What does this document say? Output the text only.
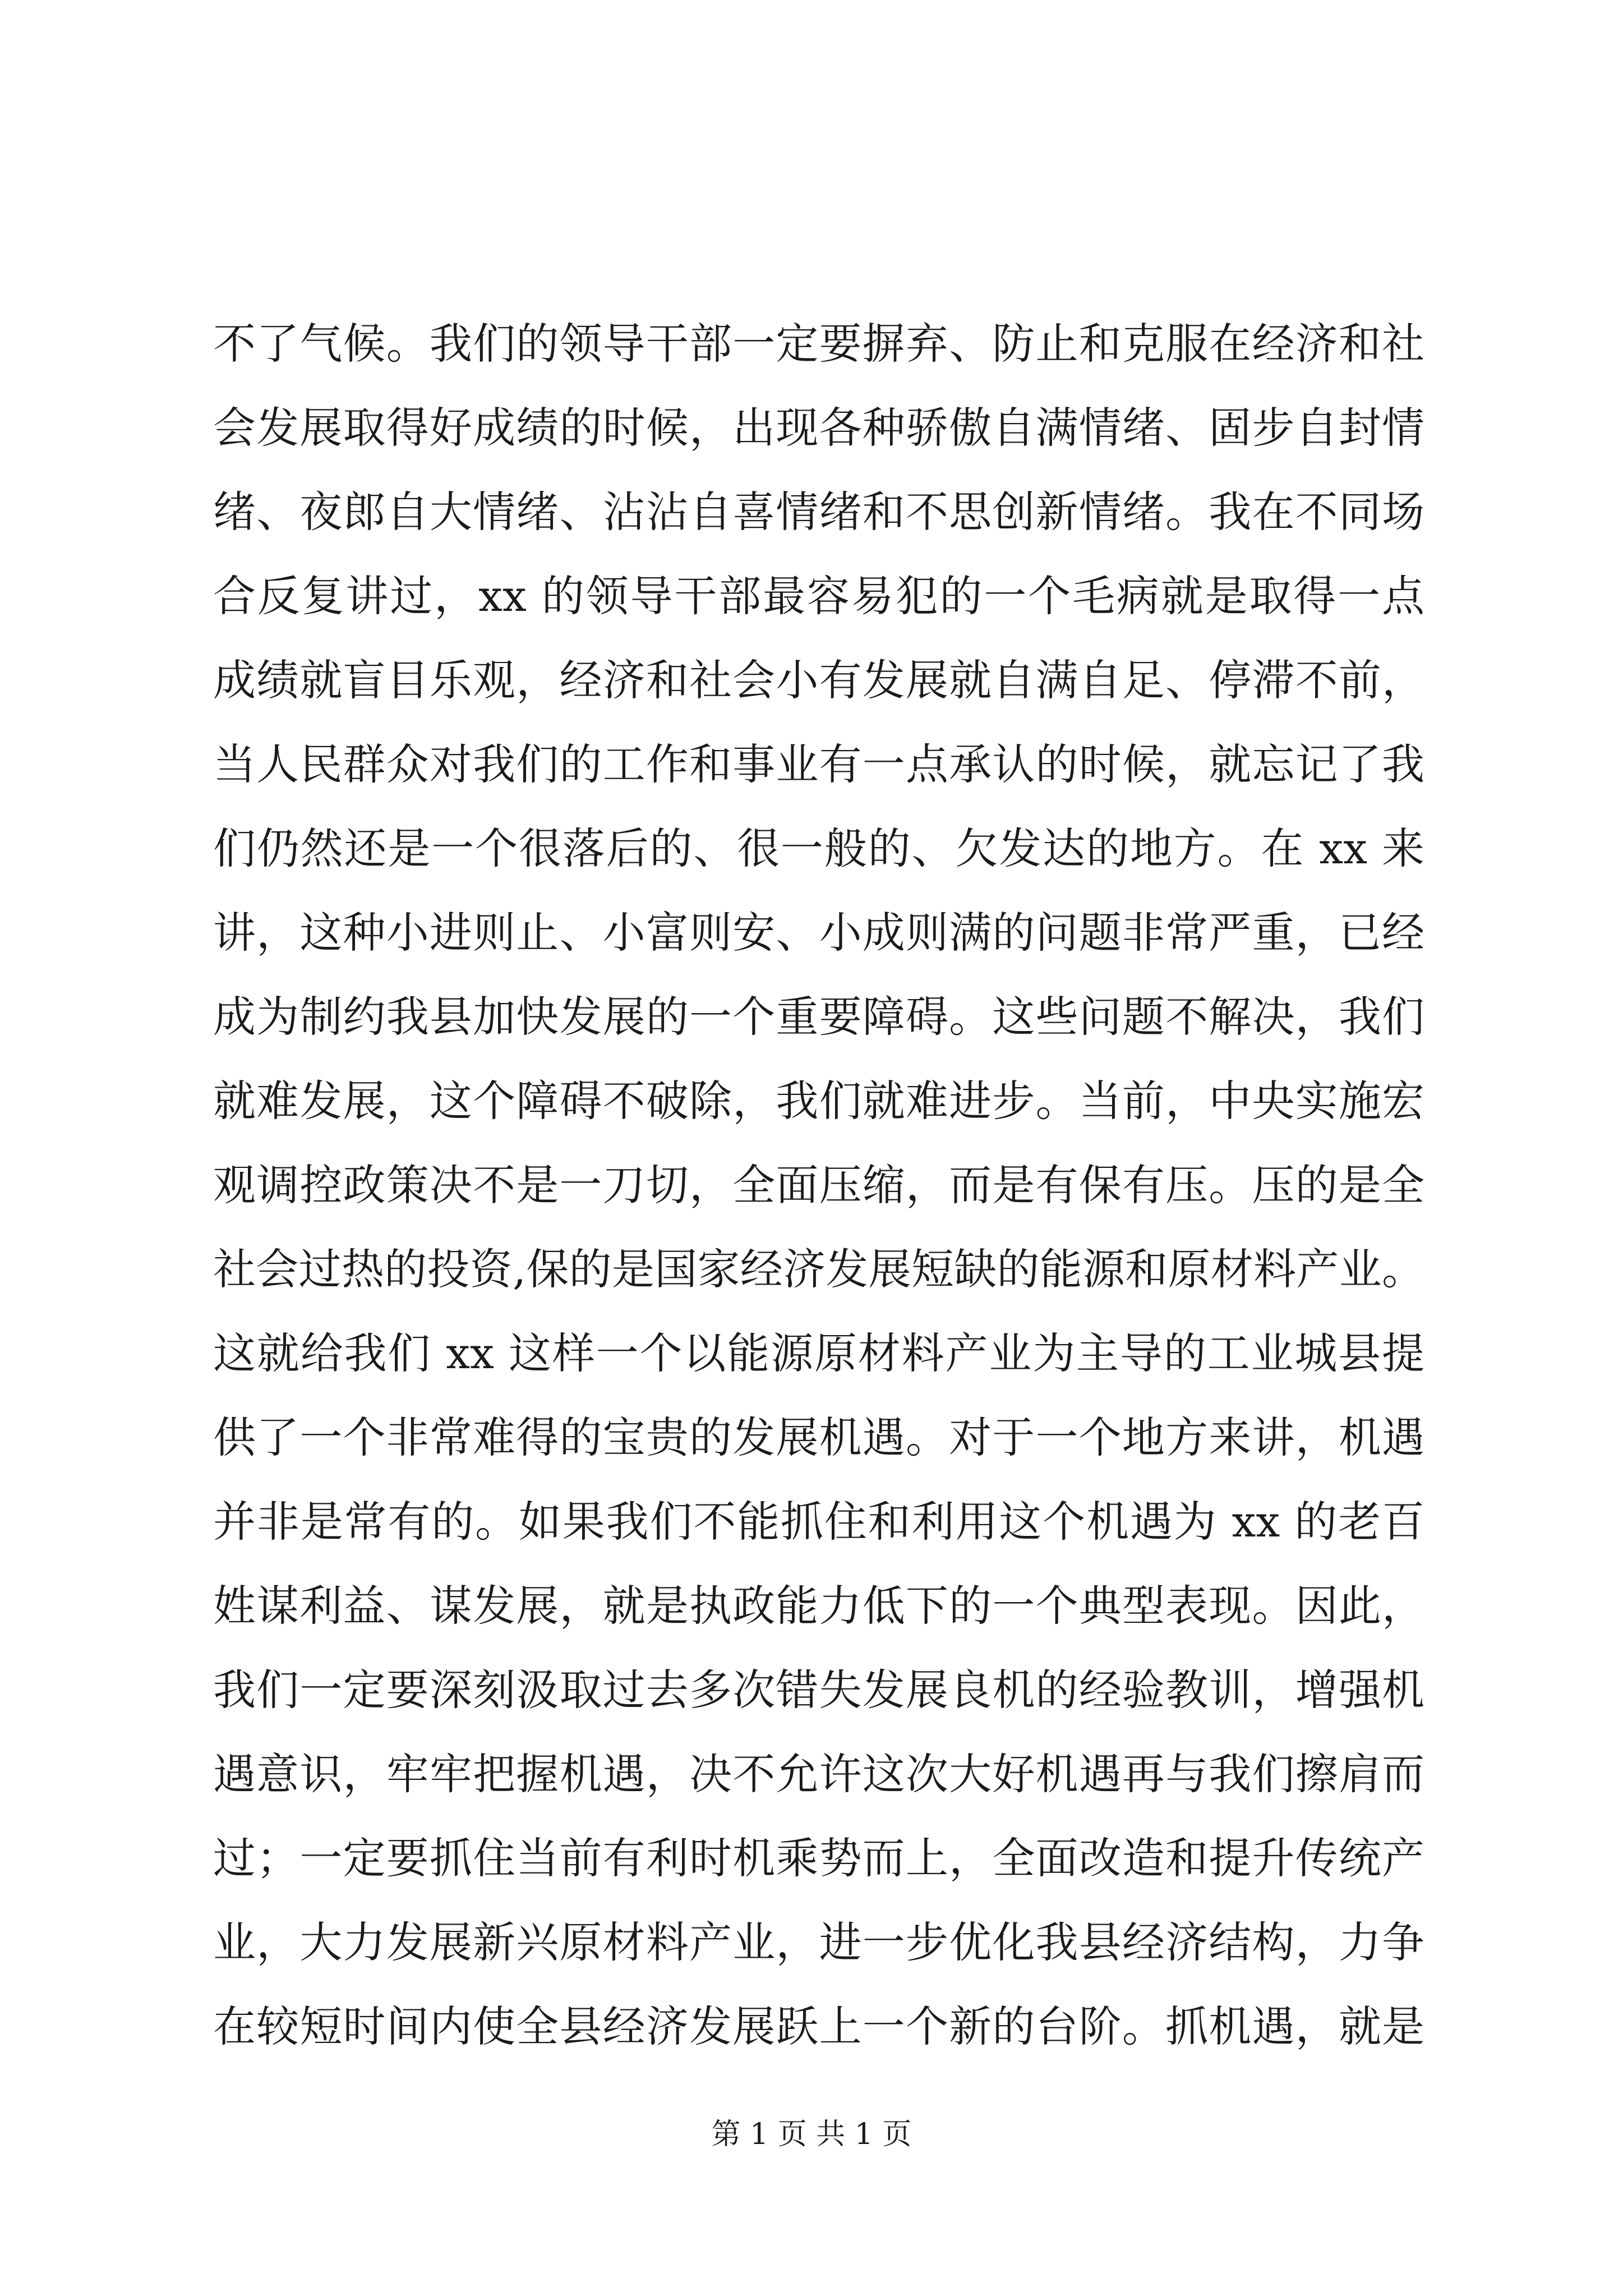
不了气候。我们的领导干部一定要摒弃、防止和克服在经济和社
会发展取得好成绩的时候，出现各种骄傲自满情绪、固步自封情
绪、夜郎自大情绪、沾沾自喜情绪和不思创新情绪。我在不同场
合反复讲过，xx 的领导干部最容易犯的一个毛病就是取得一点
成绩就盲目乐观，经济和社会小有发展就自满自足、停滞不前，
当人民群众对我们的工作和事业有一点承认的时候，就忘记了我
们仍然还是一个很落后的、很一般的、欠发达的地方。在 xx 来
讲，这种小进则止、小富则安、小成则满的问题非常严重，已经
成为制约我县加快发展的一个重要障碍。这些问题不解决，我们
就难发展，这个障碍不破除，我们就难进步。当前，中央实施宏
观调控政策决不是一刀切，全面压缩，而是有保有压。压的是全
社会过热的投资,保的是国家经济发展短缺的能源和原材料产业。
这就给我们 xx 这样一个以能源原材料产业为主导的工业城县提
供了一个非常难得的宝贵的发展机遇。对于一个地方来讲，机遇
并非是常有的。如果我们不能抓住和利用这个机遇为 xx 的老百
姓谋利益、谋发展，就是执政能力低下的一个典型表现。因此，
我们一定要深刻汲取过去多次错失发展良机的经验教训，增强机
遇意识，牢牢把握机遇，决不允许这次大好机遇再与我们擦肩而
过；一定要抓住当前有利时机乘势而上，全面改造和提升传统产
业，大力发展新兴原材料产业，进一步优化我县经济结构，力争
在较短时间内使全县经济发展跃上一个新的台阶。抓机遇，就是
第 1 页 共 1 页
